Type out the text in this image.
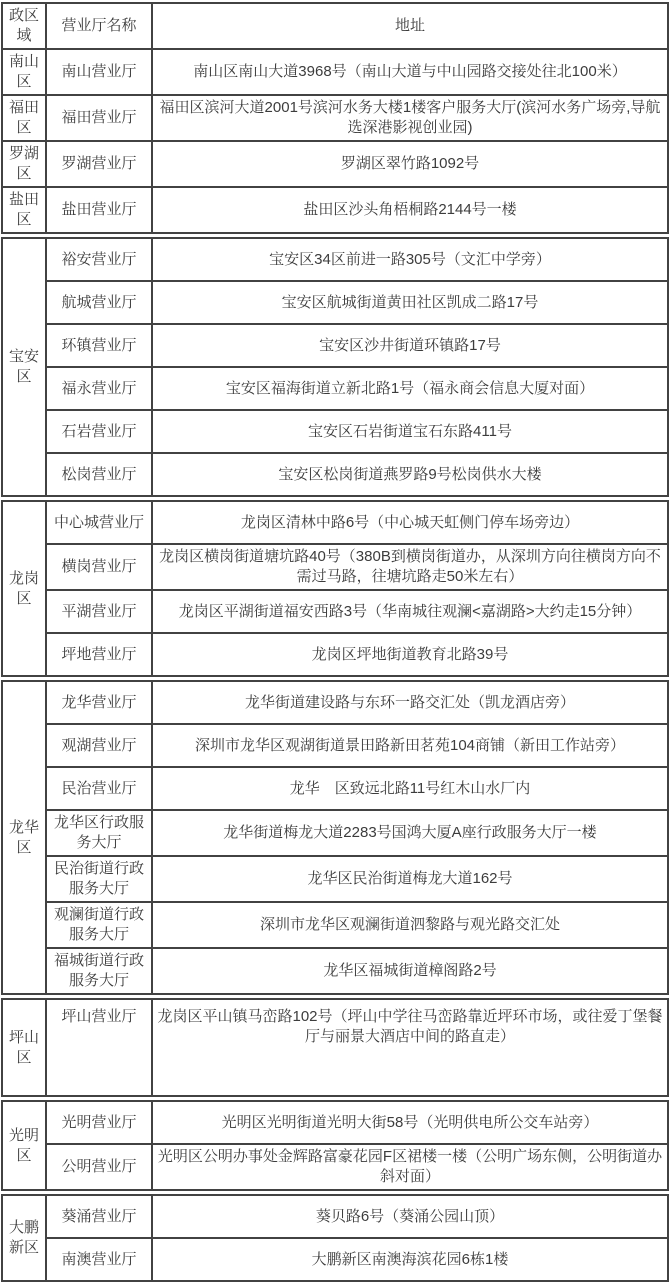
政区域	营业厅名称	地址
南山区	南山营业厅	南山区南山大道3968号（南山大道与中山园路交接处往北100米）
福田区	福田营业厅	福田区滨河大道2001号滨河水务大楼1楼客户服务大厅(滨河水务广场旁,导航选深港影视创业园)
罗湖区	罗湖营业厅	罗湖区翠竹路1092号
盐田区	盐田营业厅	盐田区沙头角梧桐路2144号一楼
宝安区	裕安营业厅	宝安区34区前进一路305号（文汇中学旁）
	航城营业厅	宝安区航城街道黄田社区凯成二路17号
	环镇营业厅	宝安区沙井街道环镇路17号
	福永营业厅	宝安区福海街道立新北路1号（福永商会信息大厦对面）
	石岩营业厅	宝安区石岩街道宝石东路411号
	松岗营业厅	宝安区松岗街道燕罗路9号松岗供水大楼
龙岗区	中心城营业厅	龙岗区清林中路6号（中心城天虹侧门停车场旁边）
	横岗营业厅	龙岗区横岗街道塘坑路40号（380B到横岗街道办，从深圳方向往横岗方向不需过马路，往塘坑路走50米左右）
	平湖营业厅	龙岗区平湖街道福安西路3号（华南城往观澜<嘉湖路>大约走15分钟）
	坪地营业厅	龙岗区坪地街道教育北路39号
龙华区	龙华营业厅	龙华街道建设路与东环一路交汇处（凯龙酒店旁）
	观湖营业厅	深圳市龙华区观湖街道景田路新田茗苑104商铺（新田工作站旁）
	民治营业厅	龙华　区致远北路11号红木山水厂内
	龙华区行政服务大厅	龙华街道梅龙大道2283号国鸿大厦A座行政服务大厅一楼
	民治街道行政服务大厅	龙华区民治街道梅龙大道162号
	观澜街道行政服务大厅	深圳市龙华区观澜街道泗黎路与观光路交汇处
	福城街道行政服务大厅	龙华区福城街道樟阁路2号
坪山区	坪山营业厅	龙岗区平山镇马峦路102号（坪山中学往马峦路靠近坪环市场，或往爱丁堡餐厅与丽景大酒店中间的路直走）
光明区	光明营业厅	光明区光明街道光明大街58号（光明供电所公交车站旁）
	公明营业厅	光明区公明办事处金辉路富豪花园F区裙楼一楼（公明广场东侧，公明街道办斜对面）
大鹏新区	葵涌营业厅	葵贝路6号（葵涌公园山顶）
	南澳营业厅	大鹏新区南澳海滨花园6栋1楼
